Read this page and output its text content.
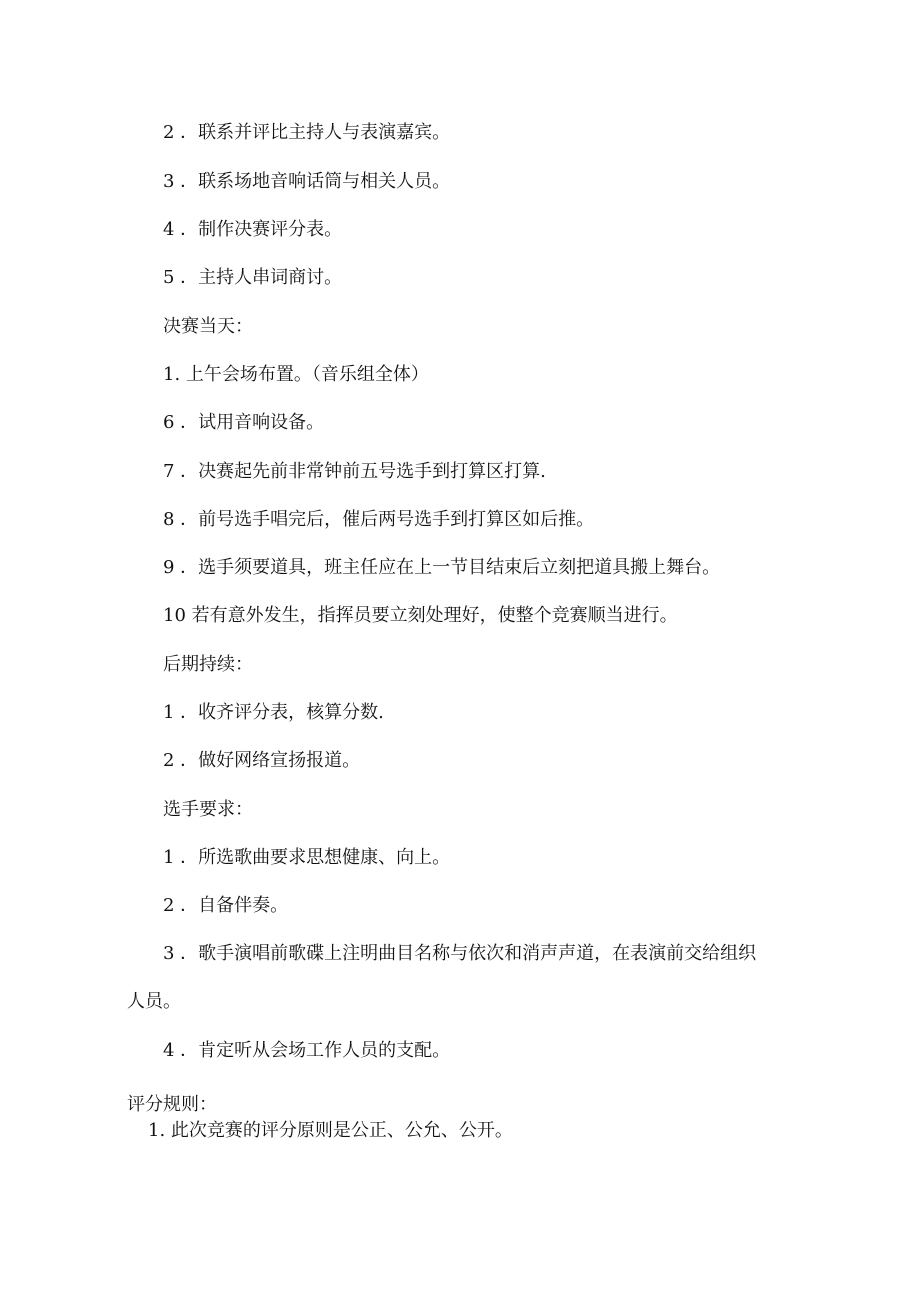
2 ．联系并评比主持人与表演嘉宾。
3 ．联系场地音响话筒与相关人员。
4 ．制作决赛评分表。
5 ．主持人串词商讨。
决赛当天：
1. 上午会场布置。（音乐组全体）
6 ．试用音响设备。
7 ．决赛起先前非常钟前五号选手到打算区打算.
8 ．前号选手唱完后，催后两号选手到打算区如后推。
9 ．选手须要道具，班主任应在上一节目结束后立刻把道具搬上舞台。
10 若有意外发生，指挥员要立刻处理好，使整个竞赛顺当进行。
后期持续：
1 ．收齐评分表，核算分数.
2 ．做好网络宣扬报道。
选手要求：
1 ．所选歌曲要求思想健康、向上。
2 ．自备伴奏。
3 ．歌手演唱前歌碟上注明曲目名称与依次和消声声道，在表演前交给组织
人员。
4 ．肯定听从会场工作人员的支配。
评分规则：
1. 此次竞赛的评分原则是公正、公允、公开。
